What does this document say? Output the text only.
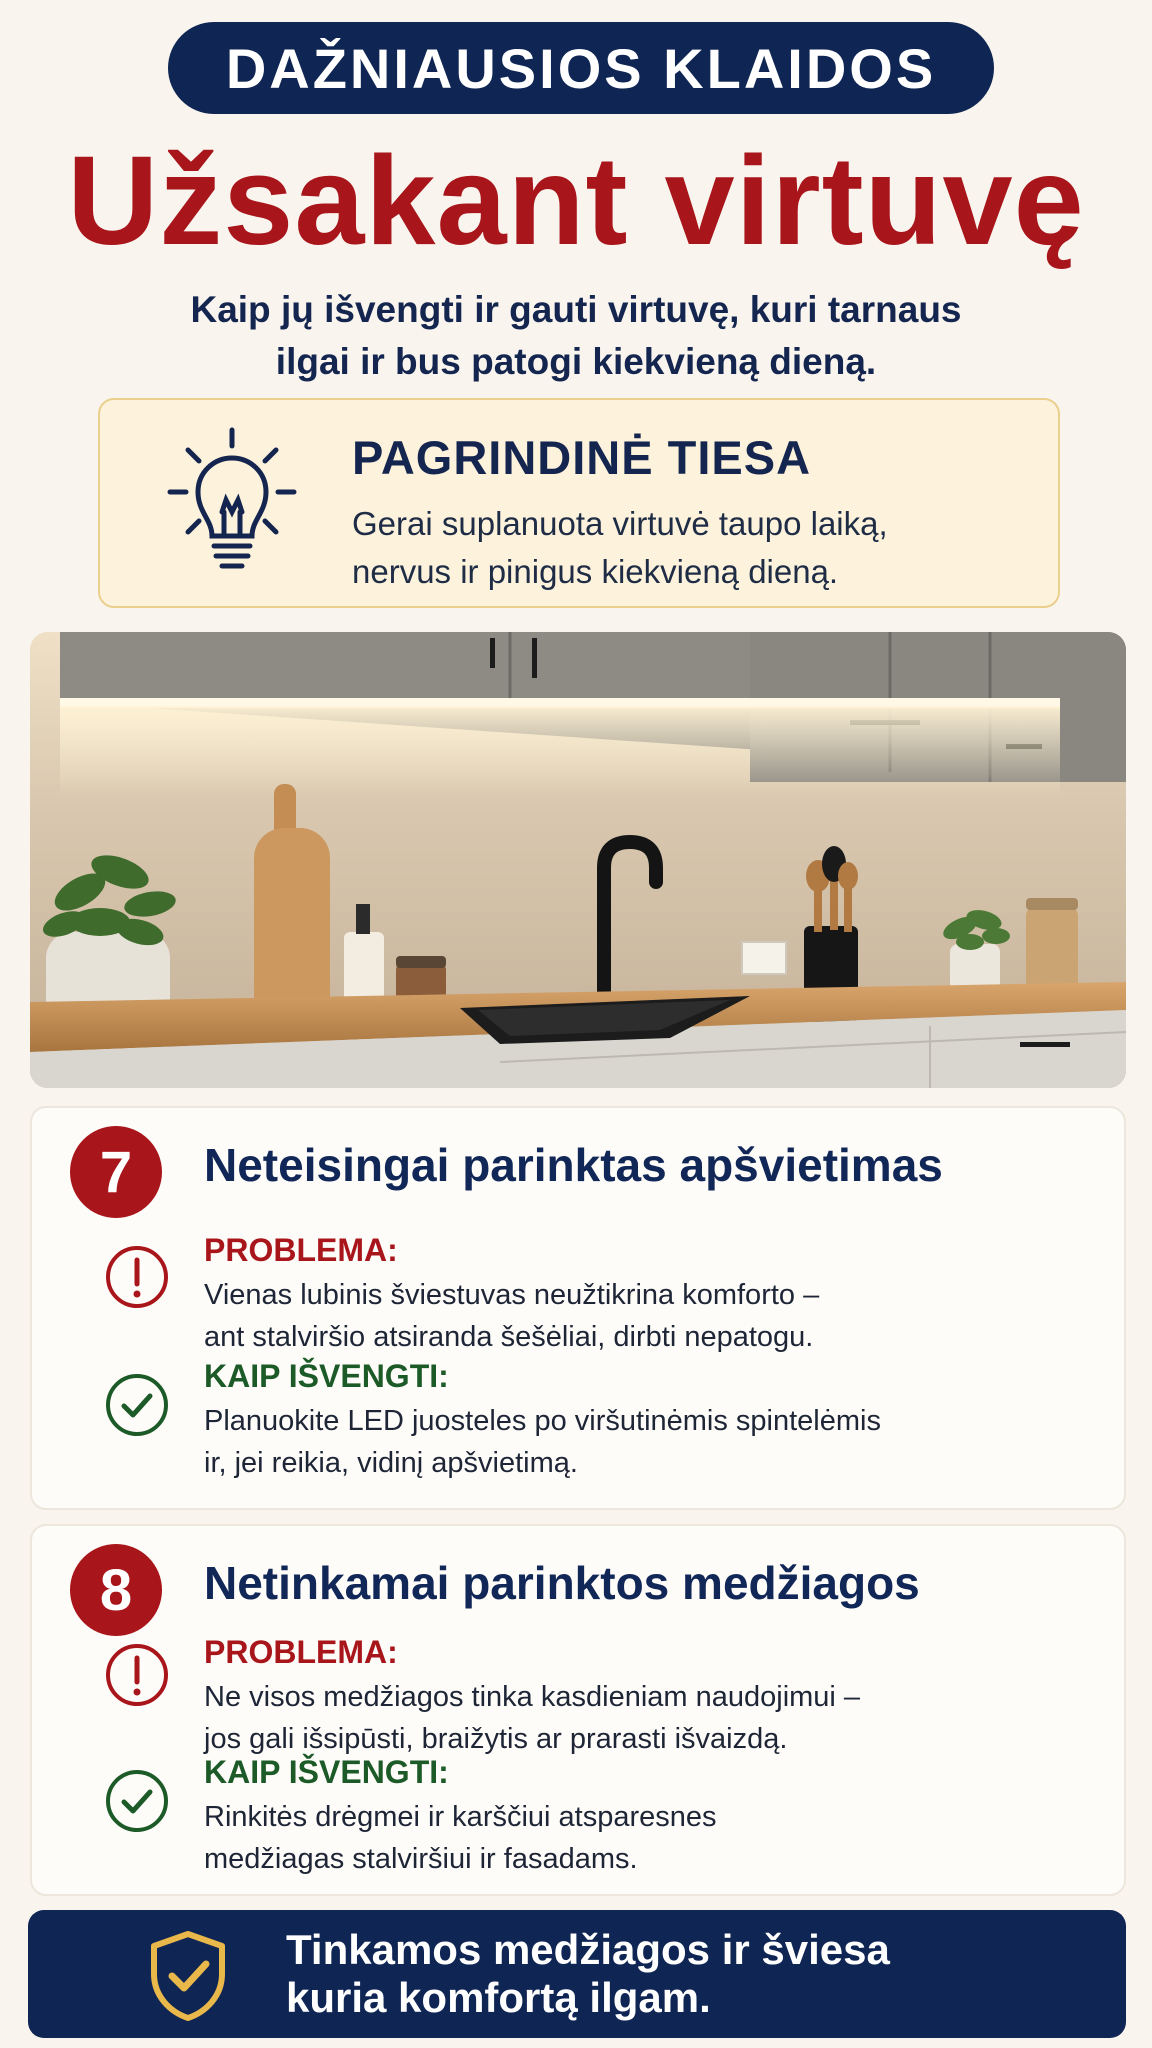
DAŽNIAUSIOS KLAIDOS
Užsakant virtuvę
Kaip jų išvengti ir gauti virtuvę, kuri tarnaus
ilgai ir bus patogi kiekvieną dieną.
PAGRINDINĖ TIESA
Gerai suplanuota virtuvė taupo laiką,
nervus ir pinigus kiekvieną dieną.
7	Neteisingai parinktas apšvietimas
PROBLEMA:
Vienas lubinis šviestuvas neužtikrina komforto –
ant stalviršio atsiranda šešėliai, dirbti nepatogu.
KAIP IŠVENGTI:
Planuokite LED juosteles po viršutinėmis spintelėmis
ir, jei reikia, vidinį apšvietimą.
8	Netinkamai parinktos medžiagos
PROBLEMA:
Ne visos medžiagos tinka kasdieniam naudojimui –
jos gali išsipūsti, braižytis ar prarasti išvaizdą.
KAIP IŠVENGTI:
Rinkitės drėgmei ir karščiui atsparesnes
medžiagas stalviršiui ir fasadams.
Tinkamos medžiagos ir šviesa
kuria komfortą ilgam.
